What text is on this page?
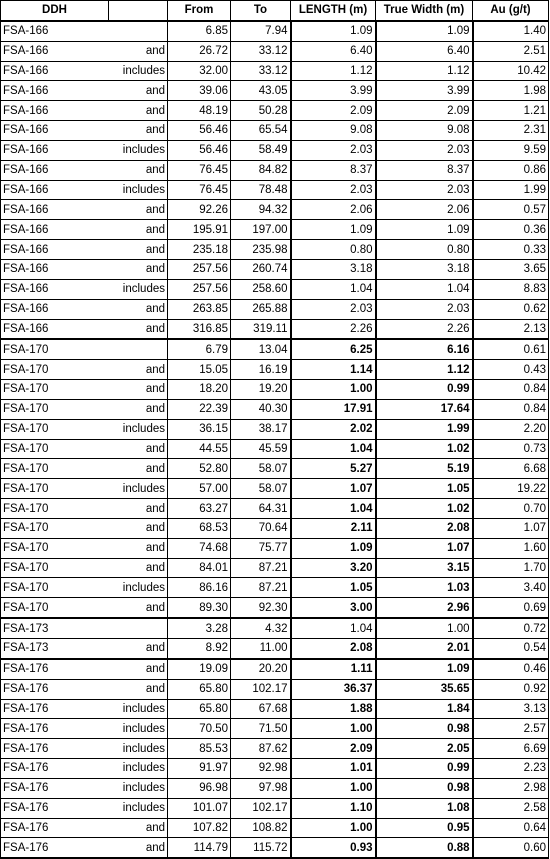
DDH		From	To	LENGTH (m)	True Width (m)	Au (g/t)
FSA-166		6.85	7.94	1.09	1.09	1.40
FSA-166	and	26.72	33.12	6.40	6.40	2.51
FSA-166	includes	32.00	33.12	1.12	1.12	10.42
FSA-166	and	39.06	43.05	3.99	3.99	1.98
FSA-166	and	48.19	50.28	2.09	2.09	1.21
FSA-166	and	56.46	65.54	9.08	9.08	2.31
FSA-166	includes	56.46	58.49	2.03	2.03	9.59
FSA-166	and	76.45	84.82	8.37	8.37	0.86
FSA-166	includes	76.45	78.48	2.03	2.03	1.99
FSA-166	and	92.26	94.32	2.06	2.06	0.57
FSA-166	and	195.91	197.00	1.09	1.09	0.36
FSA-166	and	235.18	235.98	0.80	0.80	0.33
FSA-166	and	257.56	260.74	3.18	3.18	3.65
FSA-166	includes	257.56	258.60	1.04	1.04	8.83
FSA-166	and	263.85	265.88	2.03	2.03	0.62
FSA-166	and	316.85	319.11	2.26	2.26	2.13
FSA-170		6.79	13.04	6.25	6.16	0.61
FSA-170	and	15.05	16.19	1.14	1.12	0.43
FSA-170	and	18.20	19.20	1.00	0.99	0.84
FSA-170	and	22.39	40.30	17.91	17.64	0.84
FSA-170	includes	36.15	38.17	2.02	1.99	2.20
FSA-170	and	44.55	45.59	1.04	1.02	0.73
FSA-170	and	52.80	58.07	5.27	5.19	6.68
FSA-170	includes	57.00	58.07	1.07	1.05	19.22
FSA-170	and	63.27	64.31	1.04	1.02	0.70
FSA-170	and	68.53	70.64	2.11	2.08	1.07
FSA-170	and	74.68	75.77	1.09	1.07	1.60
FSA-170	and	84.01	87.21	3.20	3.15	1.70
FSA-170	includes	86.16	87.21	1.05	1.03	3.40
FSA-170	and	89.30	92.30	3.00	2.96	0.69
FSA-173		3.28	4.32	1.04	1.00	0.72
FSA-173	and	8.92	11.00	2.08	2.01	0.54
FSA-176	and	19.09	20.20	1.11	1.09	0.46
FSA-176	and	65.80	102.17	36.37	35.65	0.92
FSA-176	includes	65.80	67.68	1.88	1.84	3.13
FSA-176	includes	70.50	71.50	1.00	0.98	2.57
FSA-176	includes	85.53	87.62	2.09	2.05	6.69
FSA-176	includes	91.97	92.98	1.01	0.99	2.23
FSA-176	includes	96.98	97.98	1.00	0.98	2.98
FSA-176	includes	101.07	102.17	1.10	1.08	2.58
FSA-176	and	107.82	108.82	1.00	0.95	0.64
FSA-176	and	114.79	115.72	0.93	0.88	0.60
